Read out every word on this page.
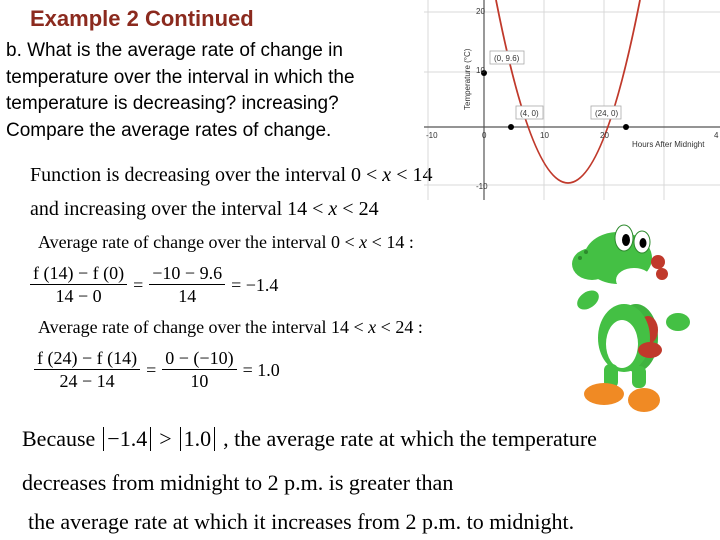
Example 2 Continued
b. What is the average rate of change in
temperature over the interval in which the
temperature is decreasing? increasing?
Compare the average rates of change.
Function is decreasing over the interval 0 < x < 14
and increasing over the interval 14 < x < 24
Average rate of change over the interval 0 < x < 14 :
$\frac{f (14) - f (0)}{14 - 0} = \frac{-10 - 9.6}{14} = -1.4$
Average rate of change over the interval 14 < x < 24 :
$\frac{f (24) - f (14)}{24 - 14} = \frac{0 - (-10)}{10} = 1.0$
Because −1.4 > 1.0 , the average rate at which the temperature
decreases from midnight to 2 p.m. is greater than
the average rate at which it increases from 2 p.m. to midnight.
20
10
-10
-10	0	10	20	4
Hours After Midnight
Temperature (°C)	(0, 9.6)
(4, 0)	(24, 0)
